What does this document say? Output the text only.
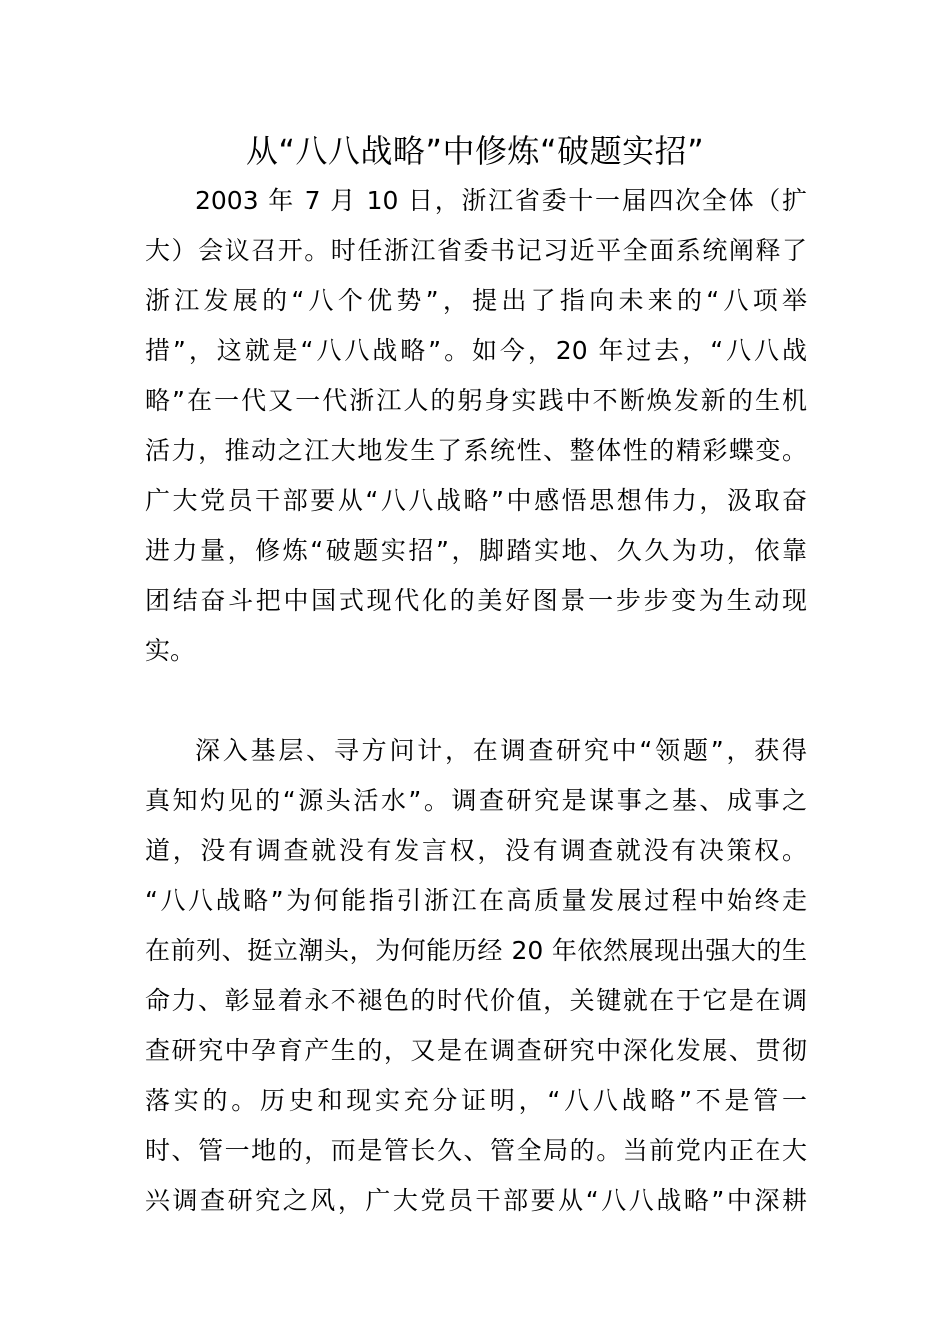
从“八八战略”中修炼“破题实招”
2003 年 7 月 10 日，浙江省委十一届四次全体（扩
大）会议召开。时任浙江省委书记习近平全面系统阐释了
浙江发展的“八个优势”，提出了指向未来的“八项举
措”，这就是“八八战略”。如今，20 年过去，“八八战
略”在一代又一代浙江人的躬身实践中不断焕发新的生机
活力，推动之江大地发生了系统性、整体性的精彩蝶变。
广大党员干部要从“八八战略”中感悟思想伟力，汲取奋
进力量，修炼“破题实招”，脚踏实地、久久为功，依靠
团结奋斗把中国式现代化的美好图景一步步变为生动现
实。
深入基层、寻方问计，在调查研究中“领题”，获得
真知灼见的“源头活水”。调查研究是谋事之基、成事之
道，没有调查就没有发言权，没有调查就没有决策权。
“八八战略”为何能指引浙江在高质量发展过程中始终走
在前列、挺立潮头，为何能历经 20 年依然展现出强大的生
命力、彰显着永不褪色的时代价值，关键就在于它是在调
查研究中孕育产生的，又是在调查研究中深化发展、贯彻
落实的。历史和现实充分证明，“八八战略”不是管一
时、管一地的，而是管长久、管全局的。当前党内正在大
兴调查研究之风，广大党员干部要从“八八战略”中深耕
